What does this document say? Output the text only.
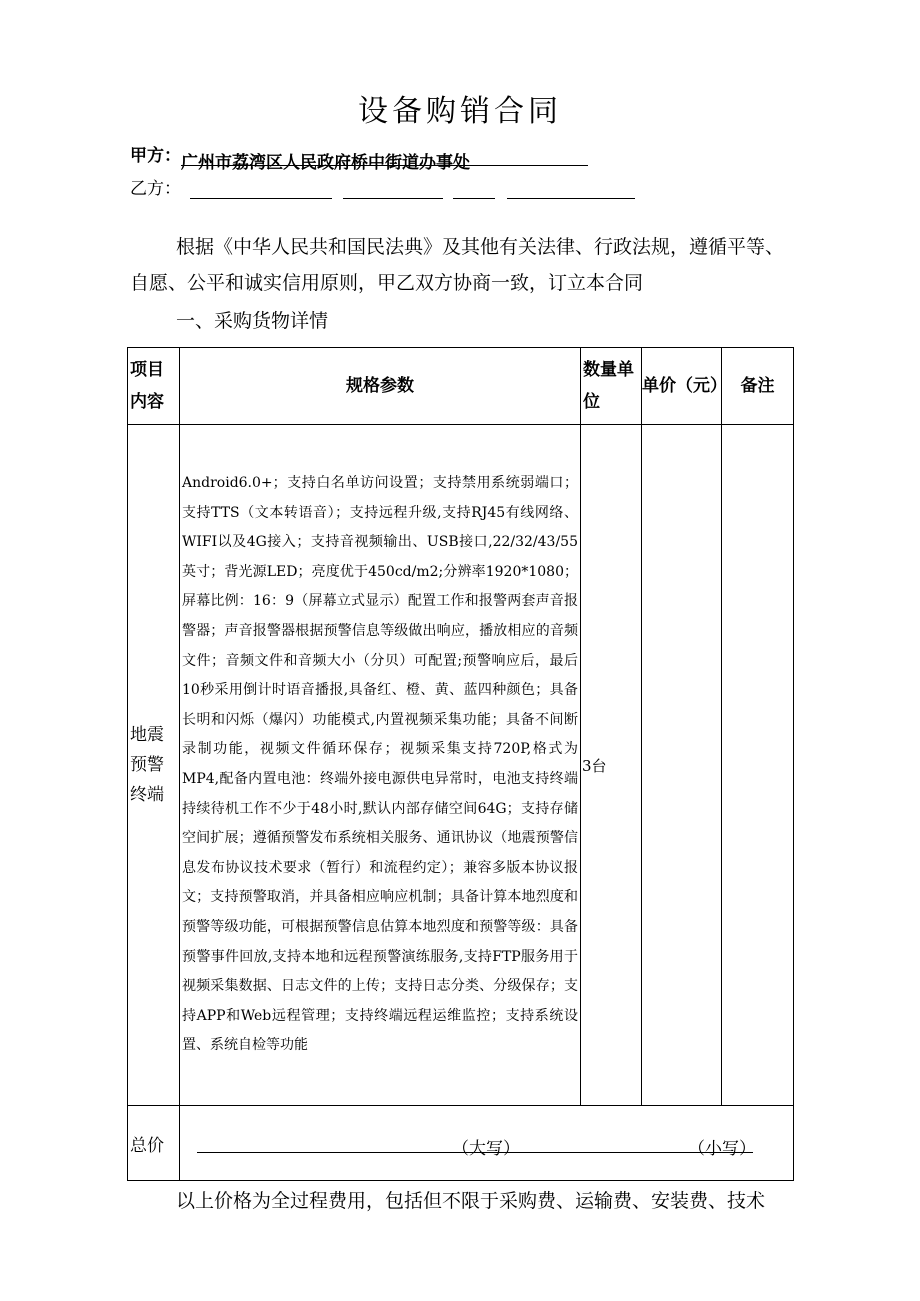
设备购销合同
甲方：广州市荔湾区人民政府桥中街道办事处
乙方：
根据《中华人民共和国民法典》及其他有关法律、行政法规，遵循平等、自愿、公平和诚实信用原则，甲乙双方协商一致，订立本合同
一、采购货物详情
项目内容	规格参数	数量单位	单价（元）	备注
地震预警终端	Android6.0+；支持白名单访问设置；支持禁用系统弱端口；支持TTS（文本转语音）；支持远程升级,支持RJ45有线网络、WIFI以及4G接入；支持音视频输出、USB接口,22/32/43/55英寸；背光源LED；亮度优于450cd/m2;分辨率1920*1080；屏幕比例：16：9（屏幕立式显示）配置工作和报警两套声音报警器；声音报警器根据预警信息等级做出响应，播放相应的音频文件；音频文件和音频大小（分贝）可配置;预警响应后，最后10秒采用倒计时语音播报,具备红、橙、黄、蓝四种颜色；具备长明和闪烁（爆闪）功能模式,内置视频采集功能；具备不间断录制功能，视频文件循环保存；视频采集支持720P,格式为MP4,配备内置电池：终端外接电源供电异常时，电池支持终端持续待机工作不少于48小时,默认内部存储空间64G；支持存储空间扩展；遵循预警发布系统相关服务、通讯协议（地震预警信息发布协议技术要求（暂行）和流程约定）；兼容多版本协议报文；支持预警取消，并具备相应响应机制；具备计算本地烈度和预警等级功能，可根据预警信息估算本地烈度和预警等级：具备预警事件回放,支持本地和远程预警演练服务,支持FTP服务用于视频采集数据、日志文件的上传；支持日志分类、分级保存；支持APP和Web远程管理；支持终端远程运维监控；支持系统设置、系统自检等功能	3台		
总价	（大写） （小写）			
以上价格为全过程费用，包括但不限于采购费、运输费、安装费、技术
